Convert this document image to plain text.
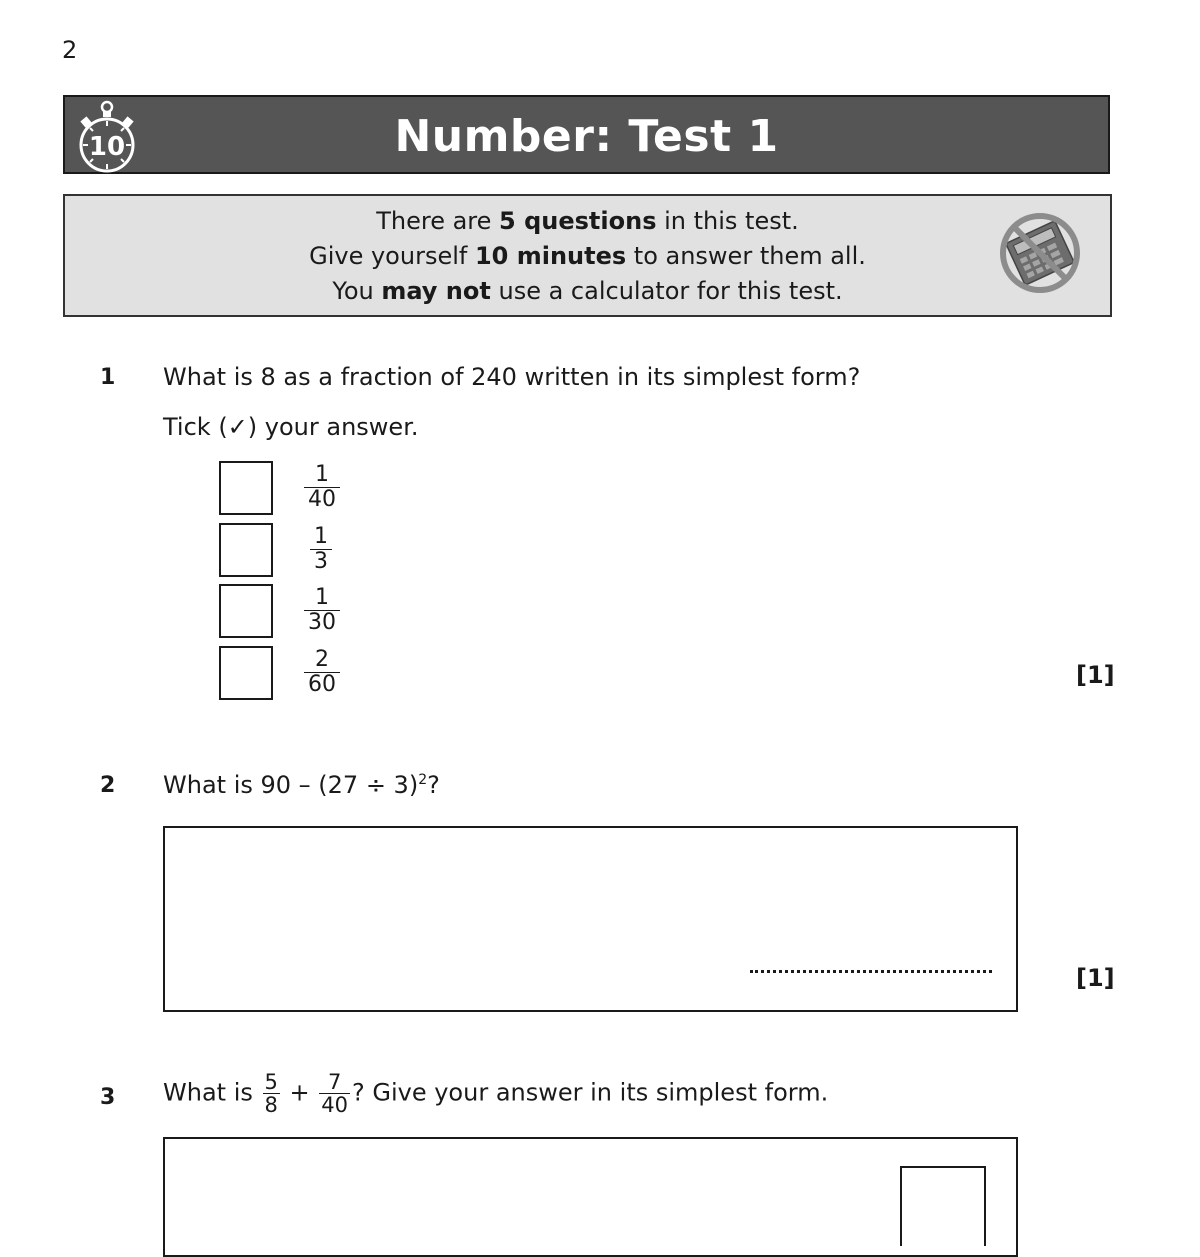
2
10	Number: Test 1
There are 5 questions in this test.
Give yourself 10 minutes to answer them all.
You may not use a calculator for this test.
1 What is 8 as a fraction of 240 written in its simplest form?
Tick (✓) your answer.
$\frac{1}{40}$
$\frac{1}{3}$
$\frac{1}{30}$
$\frac{2}{60}$	[1]
2 What is $90 - (27 \div 3)^2$?
[1]
3 What is $\frac{5}{8} + \frac{7}{40}$ ? Give your answer in its simplest form.
